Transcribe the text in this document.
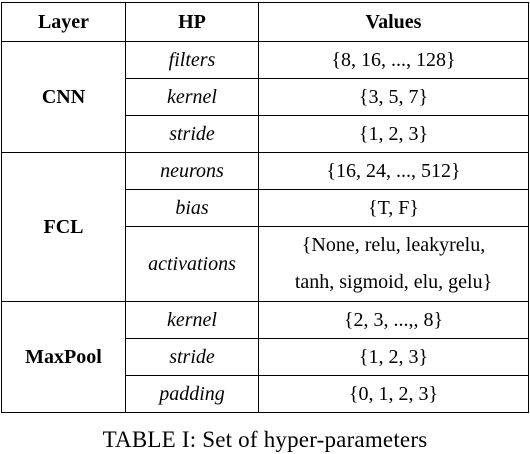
Layer	HP	Values
CNN	filters	{8, 16, ..., 128}
	kernel	{3, 5, 7}
	stride	{1, 2, 3}
FCL	neurons	{16, 24, ..., 512}
	bias	{T, F}
	activations	{None, relu, leakyrelu,
tanh, sigmoid, elu, gelu}

MaxPool	kernel	{2, 3, ...,, 8}
	stride	{1, 2, 3}
	padding	{0, 1, 2, 3}
TABLE I: Set of hyper-parameters
